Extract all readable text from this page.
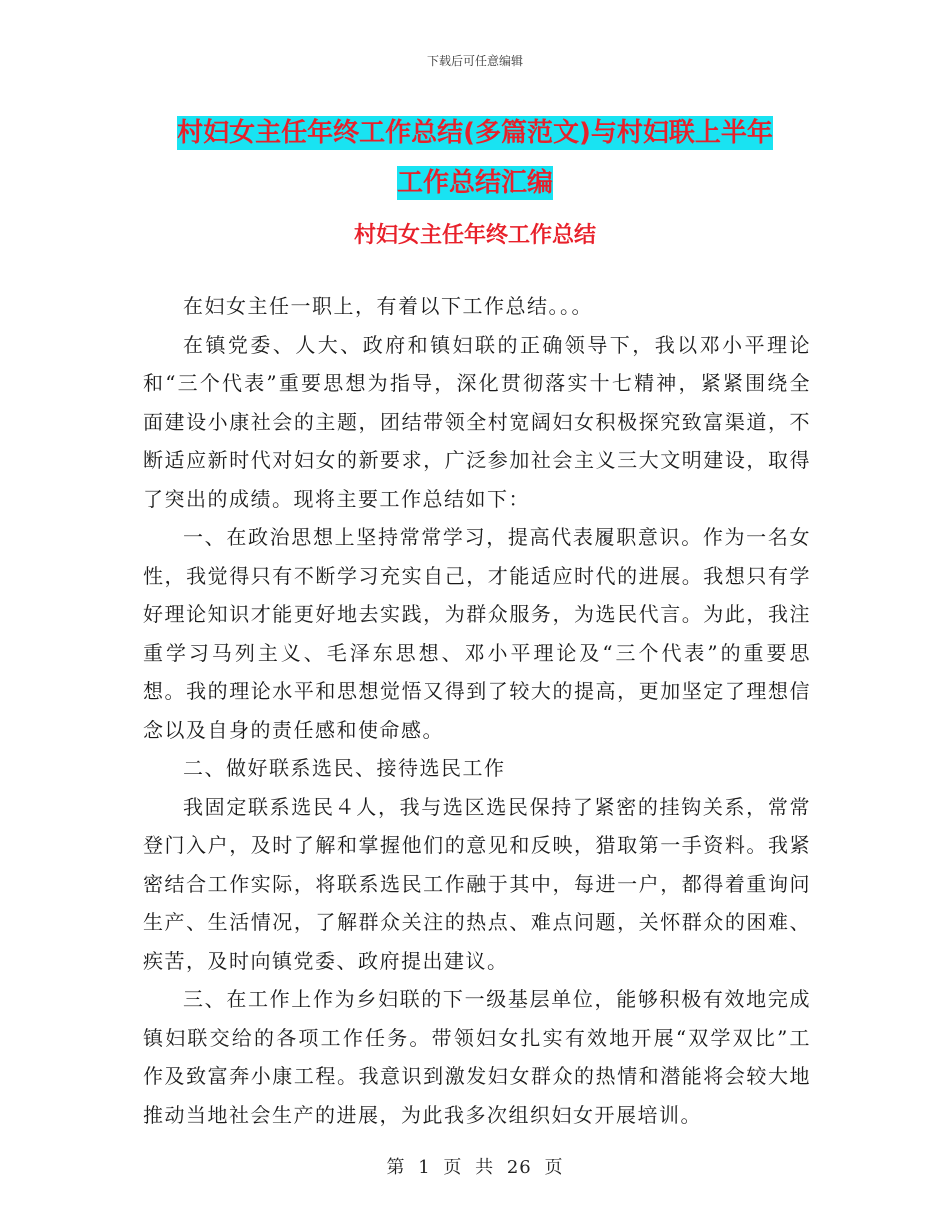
下载后可任意编辑
村妇女主任年终工作总结(多篇范文)与村妇联上半年
工作总结汇编
村妇女主任年终工作总结

在妇女主任一职上，有着以下工作总结。。。

在镇党委、人大、政府和镇妇联的正确领导下，我以邓小平理论和“三个代表”重要思想为指导，深化贯彻落实十七精神，紧紧围绕全面建设小康社会的主题，团结带领全村宽阔妇女积极探究致富渠道，不断适应新时代对妇女的新要求，广泛参加社会主义三大文明建设，取得了突出的成绩。现将主要工作总结如下：

一、在政治思想上坚持常常学习，提高代表履职意识。作为一名女性，我觉得只有不断学习充实自己，才能适应时代的进展。我想只有学好理论知识才能更好地去实践，为群众服务，为选民代言。为此，我注重学习马列主义、毛泽东思想、邓小平理论及“三个代表”的重要思想。我的理论水平和思想觉悟又得到了较大的提高，更加坚定了理想信念以及自身的责任感和使命感。

二、做好联系选民、接待选民工作

我固定联系选民４人，我与选区选民保持了紧密的挂钩关系，常常登门入户，及时了解和掌握他们的意见和反映，猎取第一手资料。我紧密结合工作实际，将联系选民工作融于其中，每进一户，都得着重询问生产、生活情况，了解群众关注的热点、难点问题，关怀群众的困难、疾苦，及时向镇党委、政府提出建议。

三、在工作上作为乡妇联的下一级基层单位，能够积极有效地完成镇妇联交给的各项工作任务。带领妇女扎实有效地开展“双学双比”工作及致富奔小康工程。我意识到激发妇女群众的热情和潜能将会较大地推动当地社会生产的进展，为此我多次组织妇女开展培训。

第 1 页 共 26 页
